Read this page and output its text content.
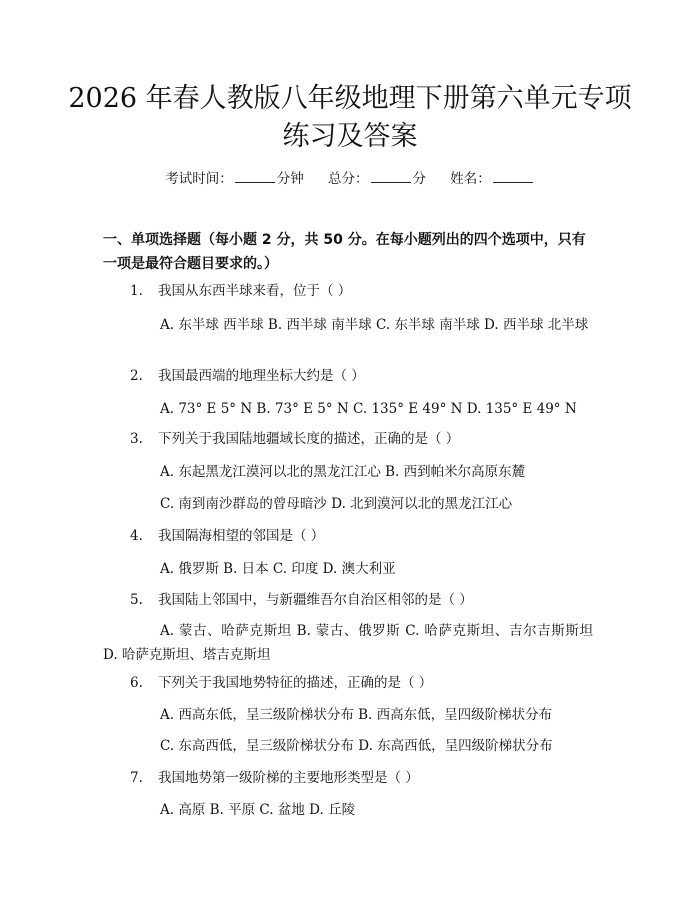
2026 年春人教版八年级地理下册第六单元专项练习及答案
考试时间：	分钟 总分：	分 姓名：

一、单项选择题（每小题 2 分，共 50 分。在每小题列出的四个选项中，只有一项是最符合题目要求的。）

1. 我国从东西半球来看，位于（ ）
A. 东半球 西半球 B. 西半球 南半球 C. 东半球 南半球 D. 西半球 北半球
2. 我国最西端的地理坐标大约是（ ）
A. 73° E 5° N B. 73° E 5° N C. 135° E 49° N D. 135° E 49° N
3. 下列关于我国陆地疆域长度的描述，正确的是（ ）
A. 东起黑龙江漠河以北的黑龙江江心 B. 西到帕米尔高原东麓
C. 南到南沙群岛的曾母暗沙 D. 北到漠河以北的黑龙江江心
4. 我国隔海相望的邻国是（ ）
A. 俄罗斯 B. 日本 C. 印度 D. 澳大利亚
5. 我国陆上邻国中，与新疆维吾尔自治区相邻的是（ ）
A. 蒙古、哈萨克斯坦 B. 蒙古、俄罗斯 C. 哈萨克斯坦、吉尔吉斯斯坦 D. 哈萨克斯坦、塔吉克斯坦
6. 下列关于我国地势特征的描述，正确的是（ ）
A. 西高东低，呈三级阶梯状分布 B. 西高东低，呈四级阶梯状分布
C. 东高西低，呈三级阶梯状分布 D. 东高西低，呈四级阶梯状分布
7. 我国地势第一级阶梯的主要地形类型是（ ）
A. 高原 B. 平原 C. 盆地 D. 丘陵
